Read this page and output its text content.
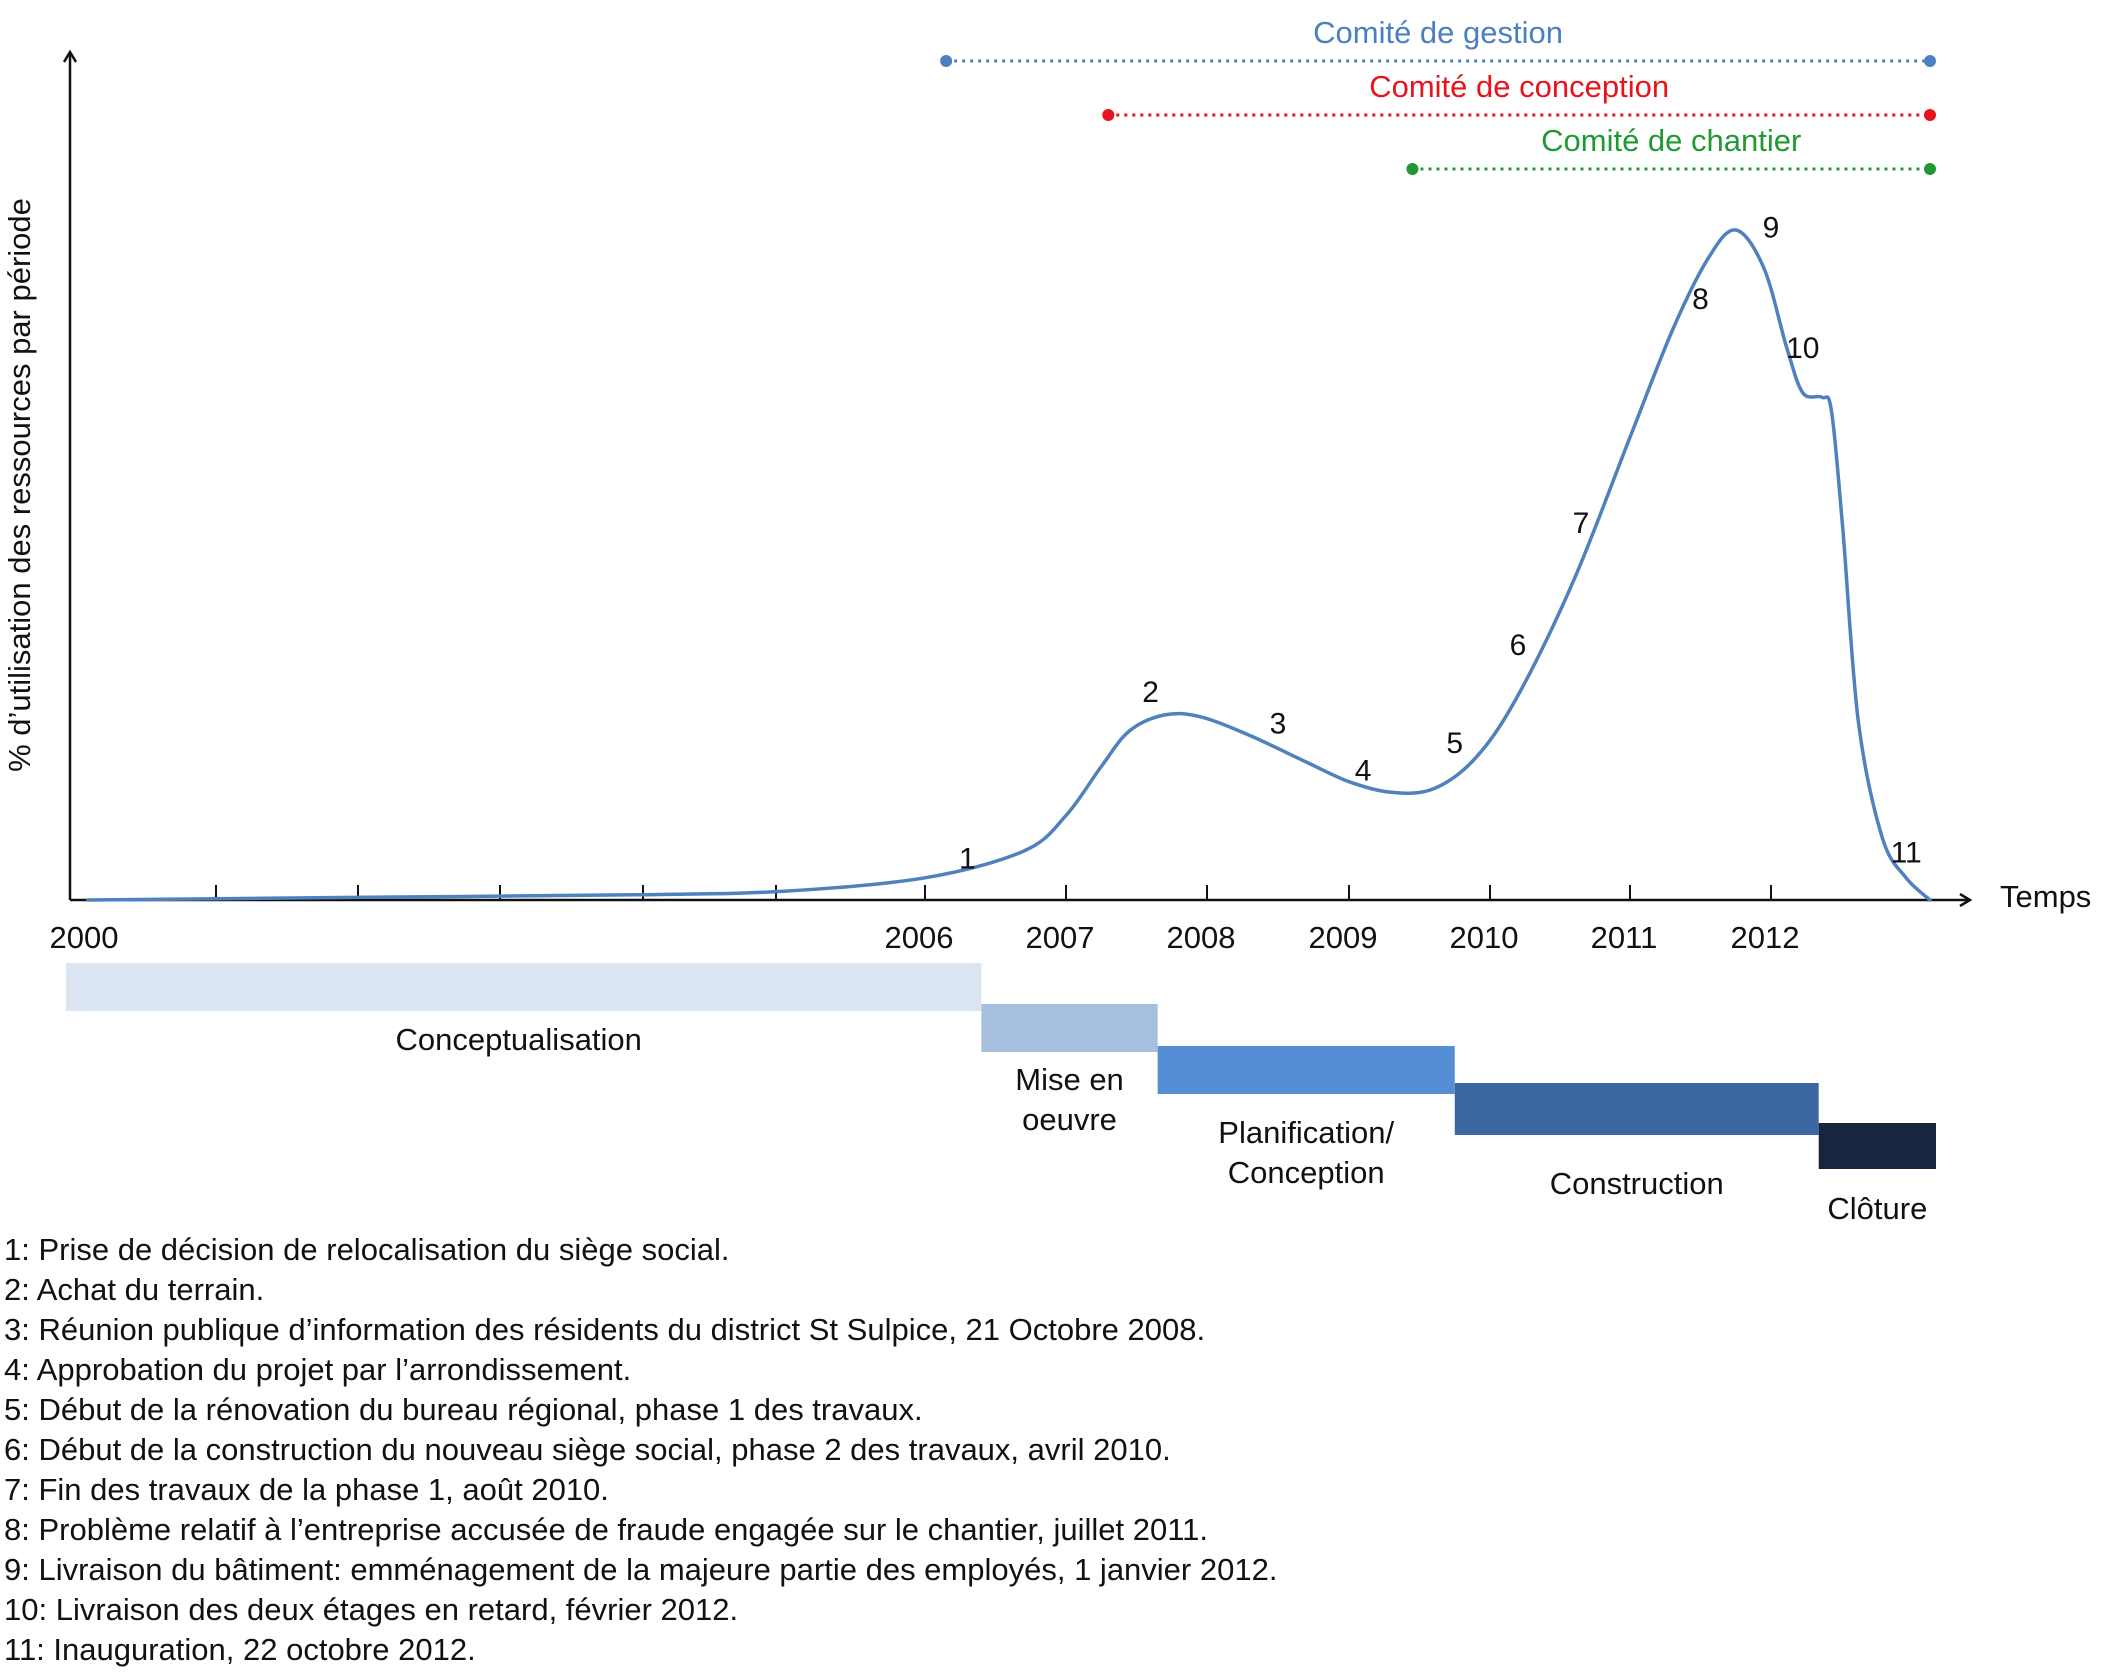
Comité de gestion
Comité de conception
Comité de chantier
2000	2006 2007 2008 2009 2010 2011 2012
Temps
% d’utilisation des ressources par période
1
2
3
4
5
6
7
8
9
10
11
Conceptualisation
Mise en
oeuvre	Planification/
Conception	Construction
Clôture
1: Prise de décision de relocalisation du siège social.
2: Achat du terrain.
3: Réunion publique d’information des résidents du district St Sulpice, 21 Octobre 2008.
4: Approbation du projet par l’arrondissement.
5: Début de la rénovation du bureau régional, phase 1 des travaux.
6: Début de la construction du nouveau siège social, phase 2 des travaux, avril 2010.
7: Fin des travaux de la phase 1, août 2010.
8: Problème relatif à l’entreprise accusée de fraude engagée sur le chantier, juillet 2011.
9: Livraison du bâtiment: emménagement de la majeure partie des employés, 1 janvier 2012.
10: Livraison des deux étages en retard, février 2012.
11: Inauguration, 22 octobre 2012.
